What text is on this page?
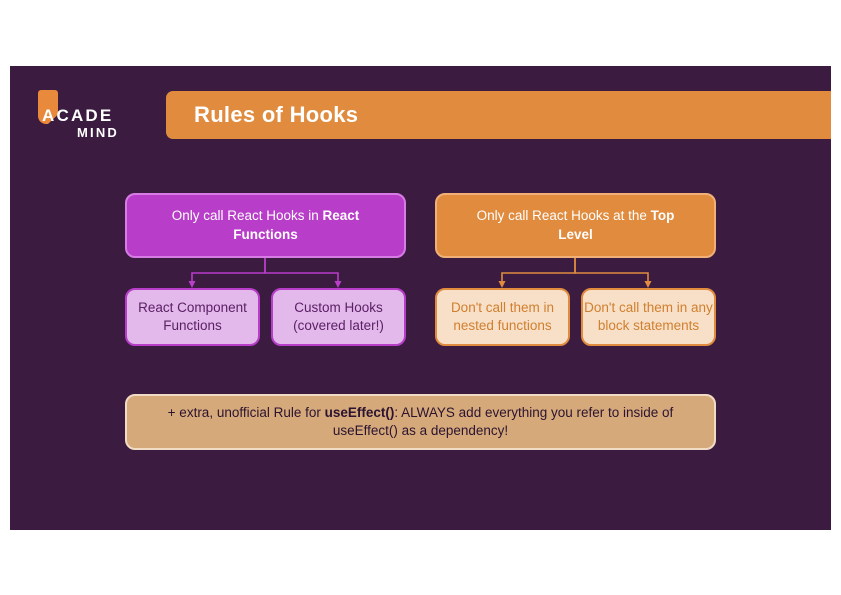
ACADE
MIND
Rules of Hooks
Only call React Hooks in React Functions
Only call React Hooks at the Top Level
React Component Functions
Custom Hooks (covered later!)
Don't call them in nested functions
Don't call them in any block statements
+ extra, unofficial Rule for useEffect(): ALWAYS add everything you refer to inside of useEffect() as a dependency!
